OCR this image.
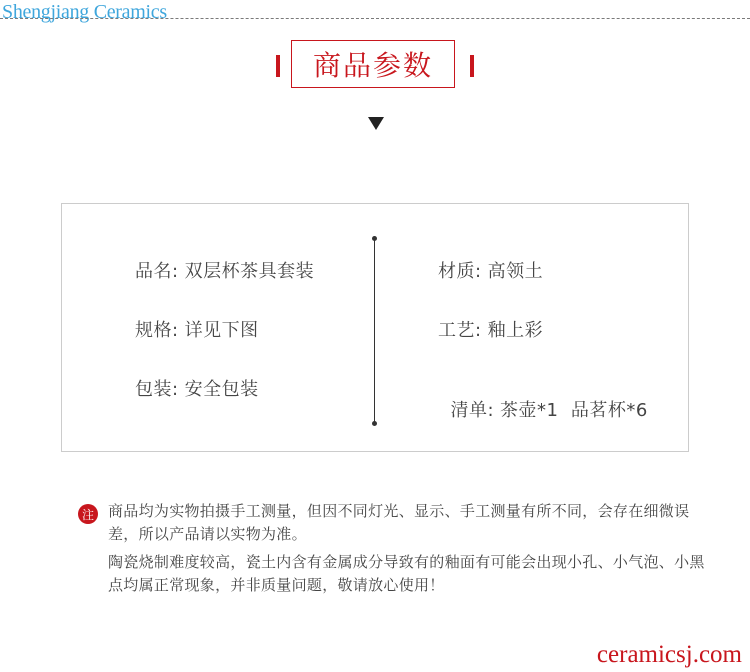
Shengjiang Ceramics
商品参数
品名: 双层杯茶具套装
规格: 详见下图
包装: 安全包装
材质: 高领土
工艺: 釉上彩

清单: 茶壶*1  品茗杯*6

注 商品均为实物拍摄手工测量，但因不同灯光、显示、手工测量有所不同，会存在细微误差，所以产品请以实物为准。
陶瓷烧制难度较高，瓷土内含有金属成分导致有的釉面有可能会出现小孔、小气泡、小黑点均属正常现象，并非质量问题，敬请放心使用！
ceramicsj.com
